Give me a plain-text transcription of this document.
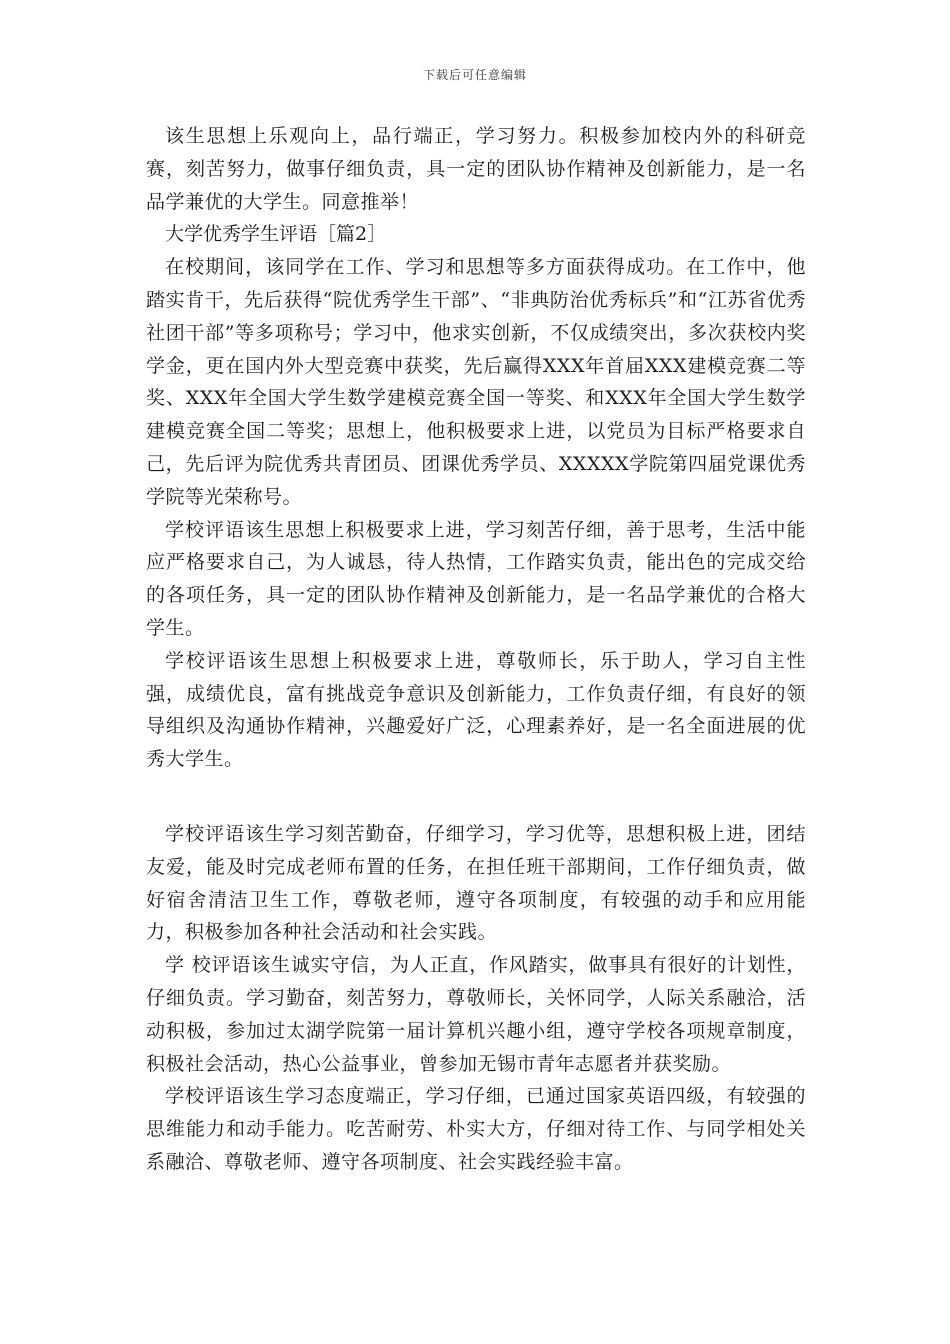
下载后可任意编辑

该生思想上乐观向上，品行端正，学习努力。积极参加校内外的科研竞赛，刻苦努力，做事仔细负责，具一定的团队协作精神及创新能力，是一名品学兼优的大学生。同意推举！

大学优秀学生评语［篇2］

在校期间，该同学在工作、学习和思想等多方面获得成功。在工作中，他踏实肯干，先后获得“院优秀学生干部”、“非典防治优秀标兵”和“江苏省优秀社团干部”等多项称号；学习中，他求实创新，不仅成绩突出，多次获校内奖学金，更在国内外大型竞赛中获奖，先后赢得XXX年首届XXX建模竞赛二等奖、XXX年全国大学生数学建模竞赛全国一等奖、和XXX年全国大学生数学建模竞赛全国二等奖；思想上，他积极要求上进，以党员为目标严格要求自己，先后评为院优秀共青团员、团课优秀学员、XXXXX学院第四届党课优秀学院等光荣称号。

学校评语该生思想上积极要求上进，学习刻苦仔细，善于思考，生活中能应严格要求自己，为人诚恳，待人热情，工作踏实负责，能出色的完成交给的各项任务，具一定的团队协作精神及创新能力，是一名品学兼优的合格大学生。

学校评语该生思想上积极要求上进，尊敬师长，乐于助人，学习自主性强，成绩优良，富有挑战竞争意识及创新能力，工作负责仔细，有良好的领导组织及沟通协作精神，兴趣爱好广泛，心理素养好，是一名全面进展的优秀大学生。

学校评语该生学习刻苦勤奋，仔细学习，学习优等，思想积极上进，团结友爱，能及时完成老师布置的任务，在担任班干部期间，工作仔细负责，做好宿舍清洁卫生工作，尊敬老师，遵守各项制度，有较强的动手和应用能力，积极参加各种社会活动和社会实践。

学 校评语该生诚实守信，为人正直，作风踏实，做事具有很好的计划性，仔细负责。学习勤奋，刻苦努力，尊敬师长，关怀同学，人际关系融洽，活动积极，参加过太湖学院第一届计算机兴趣小组，遵守学校各项规章制度，积极社会活动，热心公益事业，曾参加无锡市青年志愿者并获奖励。

学校评语该生学习态度端正，学习仔细，已通过国家英语四级，有较强的思维能力和动手能力。吃苦耐劳、朴实大方，仔细对待工作、与同学相处关系融洽、尊敬老师、遵守各项制度、社会实践经验丰富。
